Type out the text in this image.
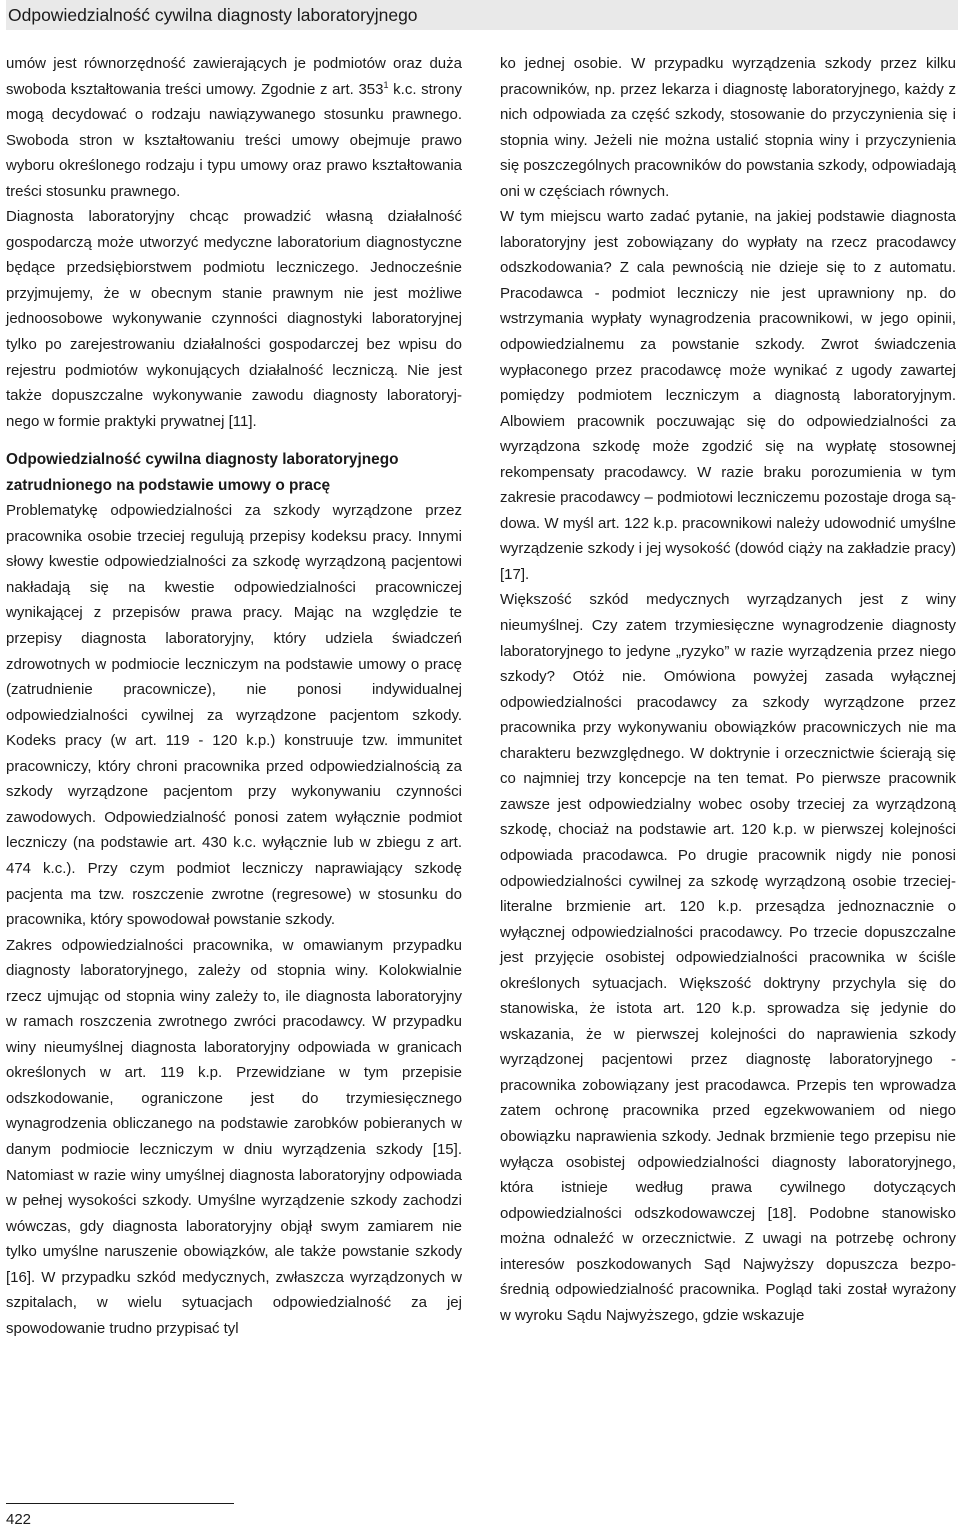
Odpowiedzialność cywilna diagnosty laboratoryjnego

umów jest równorzędność zawierających je podmiotów oraz duża swoboda kształtowania treści umowy. Zgodnie z art. $353^1$ k.c. strony mogą decydować o rodzaju nawiązywanego stosunku prawnego. Swoboda stron w kształtowaniu treści umowy obejmuje prawo wyboru określonego rodzaju i typu umowy oraz prawo kształtowania treści stosunku prawnego.

Diagnosta laboratoryjny chcąc prowadzić własną działalność gospodarczą może utworzyć medyczne laboratorium diagnostyczne będące przedsiębiorstwem podmiotu leczniczego. Jednocześnie przyjmujemy, że w obecnym stanie prawnym nie jest możliwe jednoosobowe wykonywanie czynności diagnostyki laboratoryjnej tylko po zarejestrowaniu działalności gospodarczej bez wpisu do rejestru podmiotów wykonujących działalność leczniczą. Nie jest także dopuszczalne wykonywanie zawodu diagnosty laboratoryjnego w formie praktyki prywatnej [11].

Odpowiedzialność cywilna diagnosty laboratoryjnego zatrudnionego na podstawie umowy o pracę

Problematykę odpowiedzialności za szkody wyrządzone przez pracownika osobie trzeciej regulują przepisy kodeksu pracy. Innymi słowy kwestie odpowiedzialności za szkodę wyrządzoną pacjentowi nakładają się na kwestie odpowiedzialności pracowniczej wynikającej z przepisów prawa pracy. Mając na względzie te przepisy diagnosta laboratoryjny, który udziela świadczeń zdrowotnych w podmiocie leczniczym na podstawie umowy o pracę (zatrudnienie pracownicze), nie ponosi indywidualnej odpowiedzialności cywilnej za wyrządzone pacjentom szkody. Kodeks pracy (w art. 119 - 120 k.p.) konstruuje tzw. immunitet pracowniczy, który chroni pracownika przed odpowiedzialnością za szkody wyrządzone pacjentom przy wykonywaniu czynności zawodowych. Odpowiedzialność ponosi zatem wyłącznie podmiot leczniczy (na podstawie art. 430 k.c. wyłącznie lub w zbiegu z art. 474 k.c.). Przy czym podmiot leczniczy naprawiający szkodę pacjenta ma tzw. roszczenie zwrotne (regresowe) w stosunku do pracownika, który spowodował powstanie szkody.

Zakres odpowiedzialności pracownika, w omawianym przypadku diagnosty laboratoryjnego, zależy od stopnia winy. Kolokwialnie rzecz ujmując od stopnia winy zależy to, ile diagnosta laboratoryjny w ramach roszczenia zwrotnego zwróci pracodawcy. W przypadku winy nieumyślnej diagnosta laboratoryjny odpowiada w granicach określonych w art. 119 k.p. Przewidziane w tym przepisie odszkodowanie, ograniczone jest do trzymiesięcznego wynagrodzenia obliczanego na podstawie zarobków pobieranych w danym podmiocie leczniczym w dniu wyrządzenia szkody [15]. Natomiast w razie winy umyślnej diagnosta laboratoryjny odpowiada w pełnej wysokości szkody. Umyślne wyrządzenie szkody zachodzi wówczas, gdy diagnosta laboratoryjny objął swym zamiarem nie tylko umyślne naruszenie obowiązków, ale także powstanie szkody [16]. W przypadku szkód medycznych, zwłaszcza wyrządzonych w szpitalach, w wielu sytuacjach odpowiedzialność za jej spowodowanie trudno przypisać tyl

ko jednej osobie. W przypadku wyrządzenia szkody przez kilku pracowników, np. przez lekarza i diagnostę laboratoryjnego, każdy z nich odpowiada za część szkody, stosowanie do przyczynienia się i stopnia winy. Jeżeli nie można ustalić stopnia winy i przyczynienia się poszczególnych pracowników do powstania szkody, odpowiadają oni w częściach równych.

W tym miejscu warto zadać pytanie, na jakiej podstawie diagnosta laboratoryjny jest zobowiązany do wypłaty na rzecz pracodawcy odszkodowania? Z cala pewnością nie dzieje się to z automatu. Pracodawca - podmiot leczniczy nie jest uprawniony np. do wstrzymania wypłaty wynagrodzenia pracownikowi, w jego opinii, odpowiedzialnemu za powstanie szkody. Zwrot świadczenia wypłaconego przez pracodawcę może wynikać z ugody zawartej pomiędzy podmiotem leczniczym a diagnostą laboratoryjnym. Albowiem pracownik poczuwając się do odpowiedzialności za wyrządzona szkodę może zgodzić się na wypłatę stosownej rekompensaty pracodawcy. W razie braku porozumienia w tym zakresie pracodawcy – podmiotowi leczniczemu pozostaje droga sądowa. W myśl art. 122 k.p. pracownikowi należy udowodnić umyślne wyrządzenie szkody i jej wysokość (dowód ciąży na zakładzie pracy) [17].

Większość szkód medycznych wyrządzanych jest z winy nieumyślnej. Czy zatem trzymiesięczne wynagrodzenie diagnosty laboratoryjnego to jedyne „ryzyko” w razie wyrządzenia przez niego szkody? Otóż nie. Omówiona powyżej zasada wyłącznej odpowiedzialności pracodawcy za szkody wyrządzone przez pracownika przy wykonywaniu obowiązków pracowniczych nie ma charakteru bezwzględnego. W doktrynie i orzecznictwie ścierają się co najmniej trzy koncepcje na ten temat. Po pierwsze pracownik zawsze jest odpowiedzialny wobec osoby trzeciej za wyrządzoną szkodę, chociaż na podstawie art. 120 k.p. w pierwszej kolejności odpowiada pracodawca. Po drugie pracownik nigdy nie ponosi odpowiedzialności cywilnej za szkodę wyrządzoną osobie trzeciej- literalne brzmienie art. 120 k.p. przesądza jednoznacznie o wyłącznej odpowiedzialności pracodawcy. Po trzecie dopuszczalne jest przyjęcie osobistej odpowiedzialności pracownika w ściśle określonych sytuacjach. Większość doktryny przychyla się do stanowiska, że istota art. 120 k.p. sprowadza się jedynie do wskazania, że w pierwszej kolejności do naprawienia szkody wyrządzonej pacjentowi przez diagnostę laboratoryjnego - pracownika zobowiązany jest pracodawca. Przepis ten wprowadza zatem ochronę pracownika przed egzekwowaniem od niego obowiązku naprawienia szkody. Jednak brzmienie tego przepisu nie wyłącza osobistej odpowiedzialności diagnosty laboratoryjnego, która istnieje według prawa cywilnego dotyczących odpowiedzialności odszkodowawczej [18]. Podobne stanowisko można odnaleźć w orzecznictwie. Z uwagi na potrzebę ochrony interesów poszkodowanych Sąd Najwyższy dopuszcza bezpośrednią odpowiedzialność pracownika. Pogląd taki został wyrażony w wyroku Sądu Najwyższego, gdzie wskazuje

422
